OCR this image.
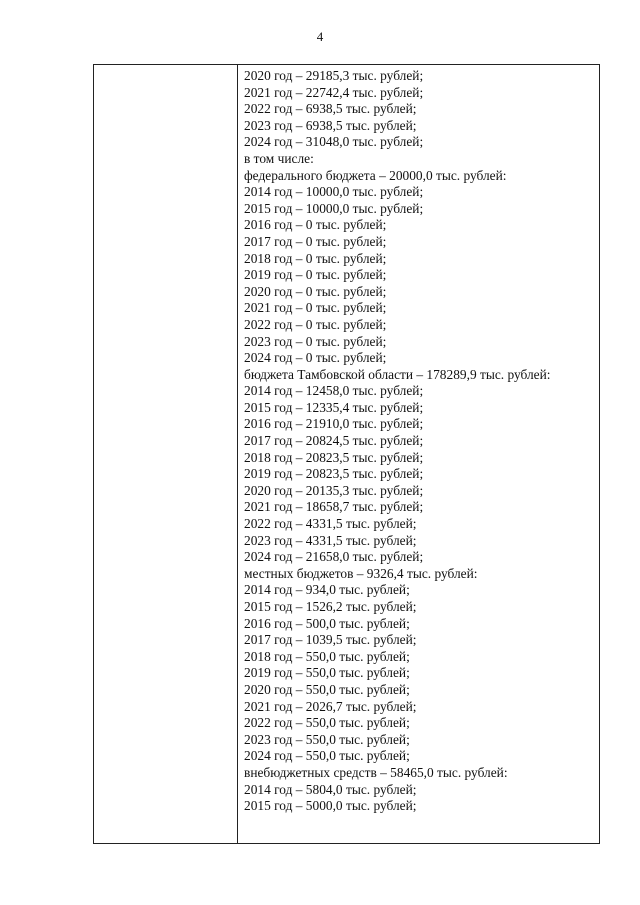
4
2020 год – 29185,3 тыс. рублей;
2021 год – 22742,4 тыс. рублей;
2022 год – 6938,5 тыс. рублей;
2023 год – 6938,5 тыс. рублей;
2024 год – 31048,0 тыс. рублей;
в том числе:
федерального бюджета – 20000,0 тыс. рублей:
2014 год – 10000,0 тыс. рублей;
2015 год – 10000,0 тыс. рублей;
2016 год – 0 тыс. рублей;
2017 год – 0 тыс. рублей;
2018 год – 0 тыс. рублей;
2019 год – 0 тыс. рублей;
2020 год – 0 тыс. рублей;
2021 год – 0 тыс. рублей;
2022 год – 0 тыс. рублей;
2023 год – 0 тыс. рублей;
2024 год – 0 тыс. рублей;
бюджета Тамбовской области – 178289,9 тыс. рублей:
2014 год – 12458,0 тыс. рублей;
2015 год – 12335,4 тыс. рублей;
2016 год – 21910,0 тыс. рублей;
2017 год – 20824,5 тыс. рублей;
2018 год – 20823,5 тыс. рублей;
2019 год – 20823,5 тыс. рублей;
2020 год – 20135,3 тыс. рублей;
2021 год – 18658,7 тыс. рублей;
2022 год – 4331,5 тыс. рублей;
2023 год – 4331,5 тыс. рублей;
2024 год – 21658,0 тыс. рублей;
местных бюджетов – 9326,4 тыс. рублей:
2014 год – 934,0 тыс. рублей;
2015 год – 1526,2 тыс. рублей;
2016 год – 500,0 тыс. рублей;
2017 год – 1039,5 тыс. рублей;
2018 год – 550,0 тыс. рублей;
2019 год – 550,0 тыс. рублей;
2020 год – 550,0 тыс. рублей;
2021 год – 2026,7 тыс. рублей;
2022 год – 550,0 тыс. рублей;
2023 год – 550,0 тыс. рублей;
2024 год – 550,0 тыс. рублей;
внебюджетных средств – 58465,0 тыс. рублей:
2014 год – 5804,0 тыс. рублей;
2015 год – 5000,0 тыс. рублей;
